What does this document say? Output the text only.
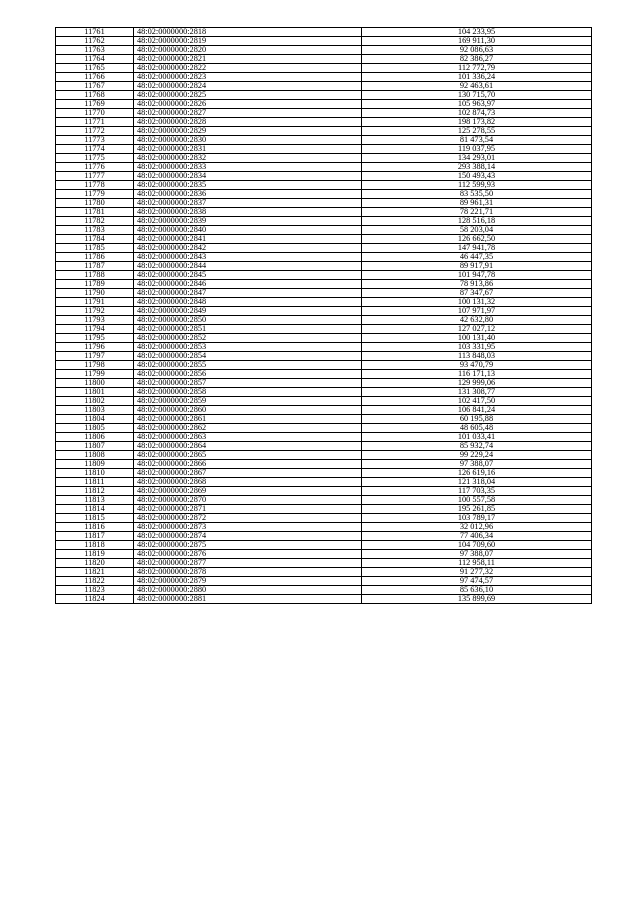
11761	48:02:0000000:2818	104 233,95
11762	48:02:0000000:2819	169 911,30
11763	48:02:0000000:2820	92 086,63
11764	48:02:0000000:2821	82 386,27
11765	48:02:0000000:2822	112 772,79
11766	48:02:0000000:2823	101 336,24
11767	48:02:0000000:2824	92 463,61
11768	48:02:0000000:2825	130 715,70
11769	48:02:0000000:2826	105 963,97
11770	48:02:0000000:2827	102 874,73
11771	48:02:0000000:2828	198 173,82
11772	48:02:0000000:2829	125 278,55
11773	48:02:0000000:2830	81 473,54
11774	48:02:0000000:2831	119 037,95
11775	48:02:0000000:2832	134 293,01
11776	48:02:0000000:2833	293 388,14
11777	48:02:0000000:2834	150 493,43
11778	48:02:0000000:2835	112 599,93
11779	48:02:0000000:2836	83 535,50
11780	48:02:0000000:2837	89 961,31
11781	48:02:0000000:2838	78 221,71
11782	48:02:0000000:2839	128 516,18
11783	48:02:0000000:2840	58 203,04
11784	48:02:0000000:2841	126 662,50
11785	48:02:0000000:2842	147 941,78
11786	48:02:0000000:2843	46 447,35
11787	48:02:0000000:2844	89 917,91
11788	48:02:0000000:2845	101 947,78
11789	48:02:0000000:2846	78 913,86
11790	48:02:0000000:2847	87 347,67
11791	48:02:0000000:2848	100 131,32
11792	48:02:0000000:2849	107 971,97
11793	48:02:0000000:2850	42 632,80
11794	48:02:0000000:2851	127 027,12
11795	48:02:0000000:2852	100 131,40
11796	48:02:0000000:2853	103 331,95
11797	48:02:0000000:2854	113 848,03
11798	48:02:0000000:2855	93 470,79
11799	48:02:0000000:2856	116 171,13
11800	48:02:0000000:2857	129 999,06
11801	48:02:0000000:2858	131 308,77
11802	48:02:0000000:2859	102 417,50
11803	48:02:0000000:2860	106 841,24
11804	48:02:0000000:2861	60 195,88
11805	48:02:0000000:2862	48 605,48
11806	48:02:0000000:2863	101 033,41
11807	48:02:0000000:2864	85 932,74
11808	48:02:0000000:2865	99 229,24
11809	48:02:0000000:2866	97 388,07
11810	48:02:0000000:2867	126 619,16
11811	48:02:0000000:2868	121 318,04
11812	48:02:0000000:2869	117 703,35
11813	48:02:0000000:2870	100 557,58
11814	48:02:0000000:2871	195 261,85
11815	48:02:0000000:2872	103 789,17
11816	48:02:0000000:2873	32 012,96
11817	48:02:0000000:2874	77 406,34
11818	48:02:0000000:2875	104 709,60
11819	48:02:0000000:2876	97 388,07
11820	48:02:0000000:2877	112 958,11
11821	48:02:0000000:2878	91 277,32
11822	48:02:0000000:2879	97 474,57
11823	48:02:0000000:2880	85 636,10
11824	48:02:0000000:2881	135 899,69
